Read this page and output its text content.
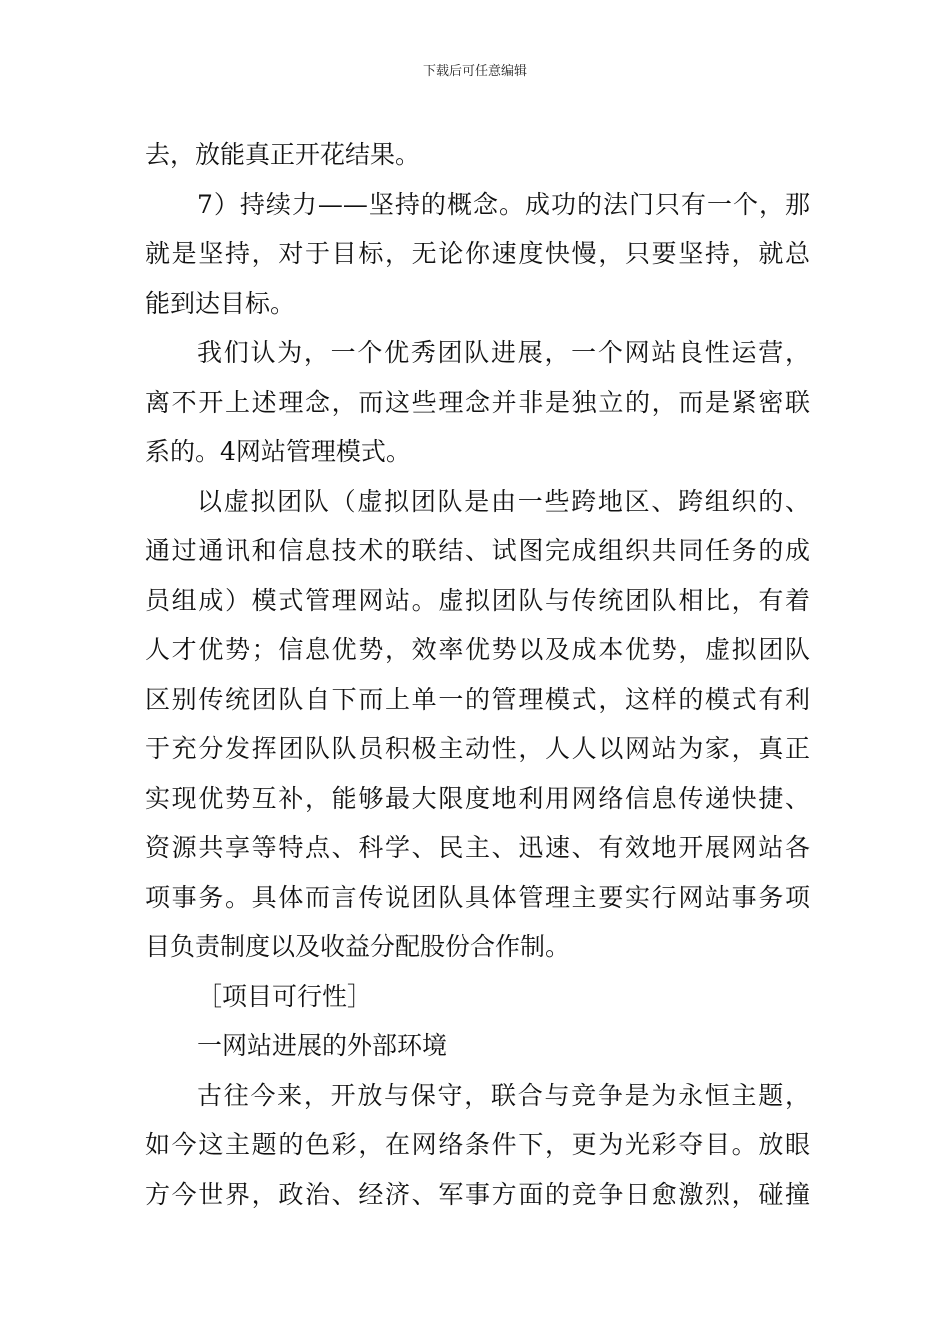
下载后可任意编辑
去，放能真正开花结果。
7）持续力——坚持的概念。成功的法门只有一个，那
就是坚持，对于目标，无论你速度快慢，只要坚持，就总
能到达目标。
我们认为，一个优秀团队进展，一个网站良性运营，
离不开上述理念，而这些理念并非是独立的，而是紧密联
系的。4网站管理模式。
以虚拟团队（虚拟团队是由一些跨地区、跨组织的、
通过通讯和信息技术的联结、试图完成组织共同任务的成
员组成）模式管理网站。虚拟团队与传统团队相比，有着
人才优势；信息优势，效率优势以及成本优势，虚拟团队
区别传统团队自下而上单一的管理模式，这样的模式有利
于充分发挥团队队员积极主动性，人人以网站为家，真正
实现优势互补，能够最大限度地利用网络信息传递快捷、
资源共享等特点、科学、民主、迅速、有效地开展网站各
项事务。具体而言传说团队具体管理主要实行网站事务项
目负责制度以及收益分配股份合作制。
［项目可行性］
一网站进展的外部环境
古往今来，开放与保守，联合与竞争是为永恒主题，
如今这主题的色彩，在网络条件下，更为光彩夺目。放眼
方今世界，政治、经济、军事方面的竞争日愈激烈，碰撞
